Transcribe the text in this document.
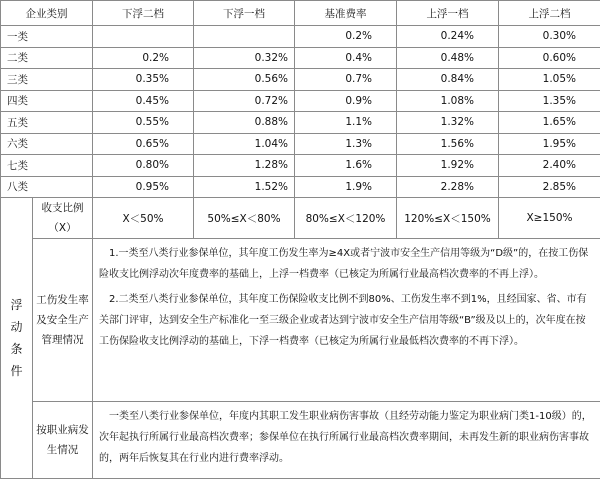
企业类别		下浮二档	下浮一档	基准费率	上浮一档	上浮二档
一类				0.2%	0.24%	0.30%
二类		0.2%	0.32%	0.4%	0.48%	0.60%
三类		0.35%	0.56%	0.7%	0.84%	1.05%
四类		0.45%	0.72%	0.9%	1.08%	1.35%
五类		0.55%	0.88%	1.1%	1.32%	1.65%
六类		0.65%	1.04%	1.3%	1.56%	1.95%
七类		0.80%	1.28%	1.6%	1.92%	2.40%
八类		0.95%	1.52%	1.9%	2.28%	2.85%

浮
动
条
件	收支比例（X）	X＜50%	50%≤X＜80%	80%≤X＜120%	120%≤X＜150%	X≥150%
	工伤发生率及安全生产管理情况	1.一类至八类行业参保单位，其年度工伤发生率为≥4X或者宁波市安全生产信用等级为“D级”的，在按工伤保险收支比例浮动次年度费率的基础上，上浮一档费率（已核定为所属行业最高档次费率的不再上浮）。

2.二类至八类行业参保单位，其年度工伤保险收支比例不到80%、工伤发生率不到1%，且经国家、省、市有关部门评审，达到安全生产标准化一至三级企业或者达到宁波市安全生产信用等级“B”级及以上的，次年度在按工伤保险收支比例浮动的基础上，下浮一档费率（已核定为所属行业最低档次费率的不再下浮）。				

	按职业病发生情况	一类至八类行业参保单位，年度内其职工发生职业病伤害事故（且经劳动能力鉴定为职业病门类1-10级）的，次年起执行所属行业最高档次费率；参保单位在执行所属行业最高档次费率期间，未再发生新的职业病伤害事故的，两年后恢复其在行业内进行费率浮动。				
